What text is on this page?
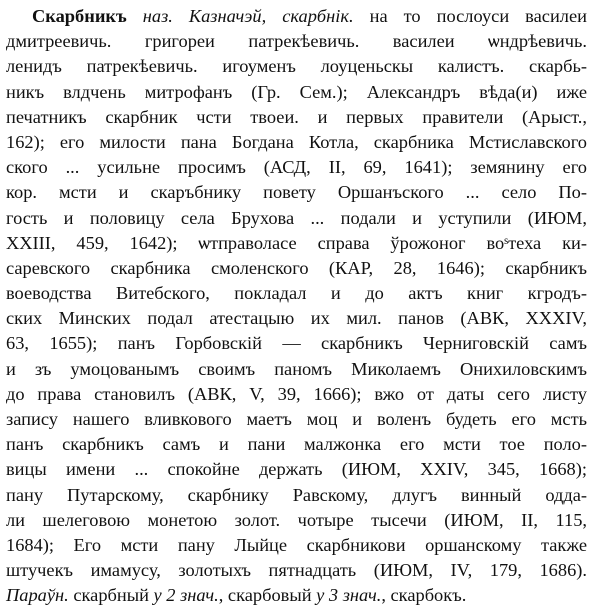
Скарбникъ наз. Казначэй, скарбнік. на то послоуси василеи
дмитреевичь. григореи патрекѣевичь. василеи ѡндрѣевичь.
ленидъ патрекѣевичь. игоуменъ лоуценьскы калистъ. скарбь-
никъ влдчень митрофанъ (Гр. Сем.); Александръ вѣда(и) иже
печатникъ скарбник чсти твоеи. и первых правители (Арыст.,
162); его милости пана Богдана Котла, скарбника Мстиславского
ского ... усильне просимъ (АСД, II, 69, 1641); земянину его
кор. мсти и скаръбнику повету Оршанъского ... село По-
гость и половицу села Брухова ... подали и уступили (ИЮМ,
XXIII, 459, 1642); ѡтправоласе справа ўрожоног воˢтеха ки-
саревского скарбника смоленского (КАР, 28, 1646); скарбникъ
воеводства Витебского, покладал и до актъ книг кгродъ-
ских Минских подал атестацыю их мил. панов (АВК, XXXIV,
63, 1655); панъ Горбовскій — скарбникъ Черниговскій самъ
и зъ умоцованымъ своимъ паномъ Миколаемъ Онихиловскимъ
до права становилъ (АВК, V, 39, 1666); вжо от даты сего листу
запису нашего вливкового маетъ моц и воленъ будеть его мсть
панъ скарбникъ самъ и пани малжонка его мсти тое поло-
вицы имени ... спокойне держать (ИЮМ, XXIV, 345, 1668);
пану Путарскому, скарбнику Равскому, длугъ винный одда-
ли шелеговою монетою золот. чотыре тысечи (ИЮМ, II, 115,
1684); Его мсти пану Лыйце скарбникови оршанскому также
штучекъ имамусу, золотыхъ пятнадцать (ИЮМ, IV, 179, 1686).
Параўн. скарбный у 2 знач., скарбовый у 3 знач., скарбокъ.
